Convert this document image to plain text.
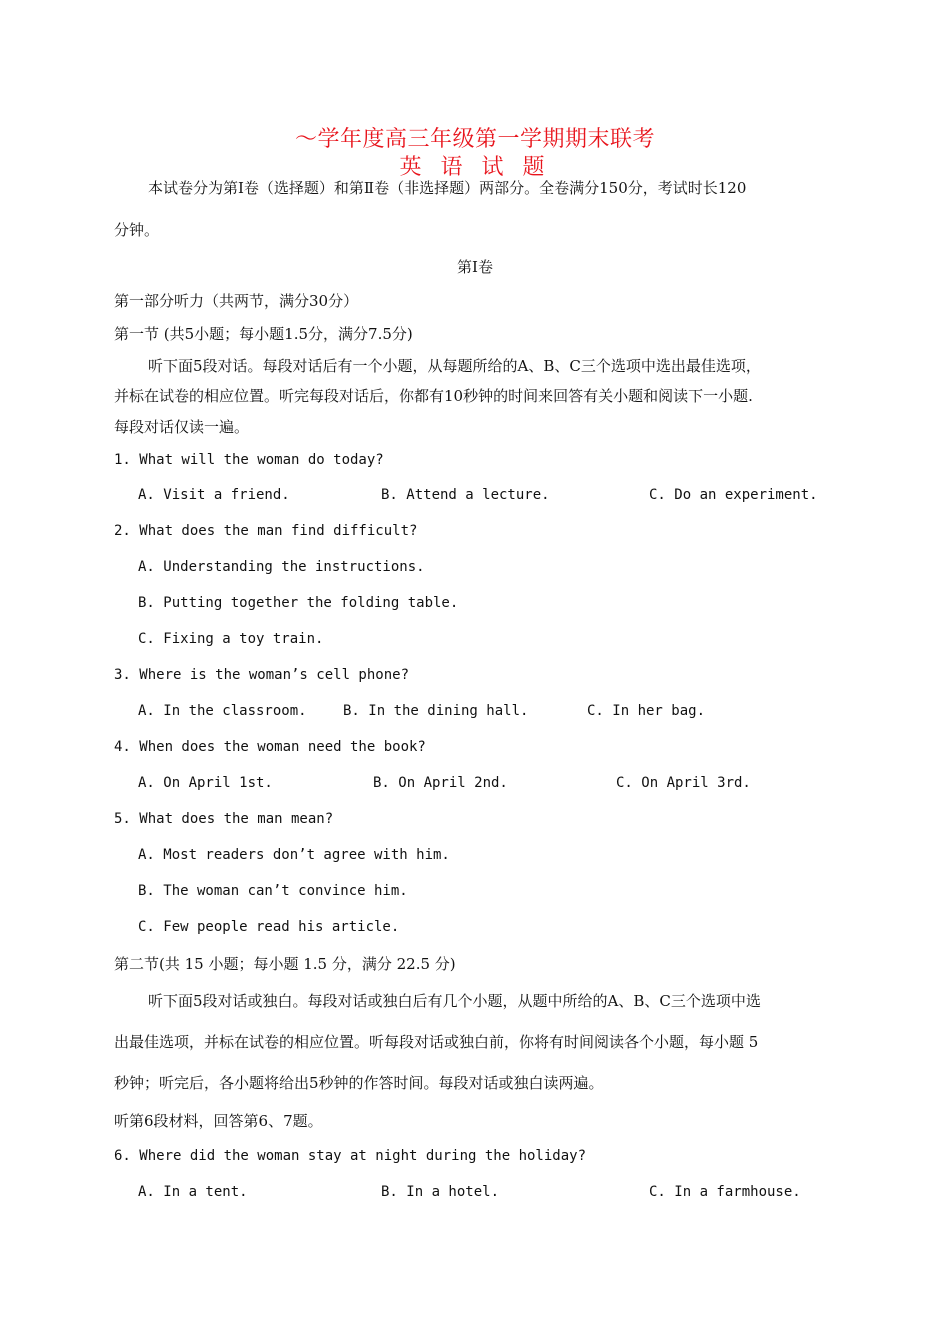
～学年度高三年级第一学期期末联考
英 语 试 题
本试卷分为第Ⅰ卷（选择题）和第Ⅱ卷（非选择题）两部分。全卷满分150分，考试时长120
分钟。
第Ⅰ卷
第一部分听力（共两节，满分30分）
第一节 (共5小题；每小题1.5分，满分7.5分)
听下面5段对话。每段对话后有一个小题，从每题所给的A、B、C三个选项中选出最佳选项，
并标在试卷的相应位置。听完每段对话后，你都有10秒钟的时间来回答有关小题和阅读下一小题.
每段对话仅读一遍。
1. What will the woman do today?
A. Visit a friend.	B. Attend a lecture.	C. Do an experiment.
2. What does the man find difficult?
A. Understanding the instructions.
B. Putting together the folding table.
C. Fixing a toy train.
3. Where is the woman’s cell phone?
A. In the classroom.	B. In the dining hall.	C. In her bag.
4. When does the woman need the book?
A. On April 1st.	B. On April 2nd.	C. On April 3rd.
5. What does the man mean?
A. Most readers don’t agree with him.
B. The woman can’t convince him.
C. Few people read his article.
第二节(共 15 小题；每小题 1.5 分，满分 22.5 分)
听下面5段对话或独白。每段对话或独白后有几个小题，从题中所给的A、B、C三个选项中选
出最佳选项，并标在试卷的相应位置。听每段对话或独白前，你将有时间阅读各个小题，每小题 5
秒钟；听完后，各小题将给出5秒钟的作答时间。每段对话或独白读两遍。
听第6段材料，回答第6、7题。
6. Where did the woman stay at night during the holiday?
A. In a tent.	B. In a hotel.	C. In a farmhouse.
